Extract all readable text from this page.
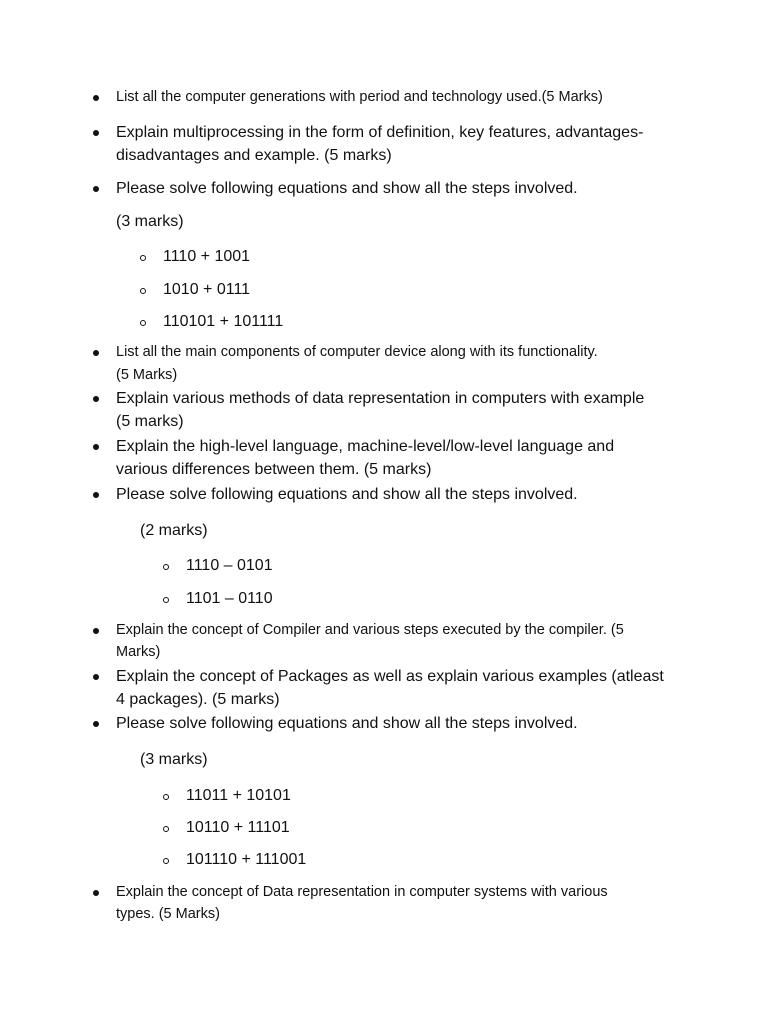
List all the computer generations with period and technology used.(5 Marks)
Explain multiprocessing in the form of definition, key features, advantages-
disadvantages and example. (5 marks)
Please solve following equations and show all the steps involved.
(3 marks)
1110 + 1001
1010 + 0111
110101 + 101111
List all the main components of computer device along with its functionality.
(5 Marks)
Explain various methods of data representation in computers with example
(5 marks)
Explain the high-level language, machine-level/low-level language and
various differences between them. (5 marks)
Please solve following equations and show all the steps involved.
(2 marks)
1110 – 0101
1101 – 0110
Explain the concept of Compiler and various steps executed by the compiler. (5
Marks)
Explain the concept of Packages as well as explain various examples (atleast
4 packages). (5 marks)
Please solve following equations and show all the steps involved.
(3 marks)
11011 + 10101
10110 + 11101
101110 + 111001
Explain the concept of Data representation in computer systems with various
types. (5 Marks)
